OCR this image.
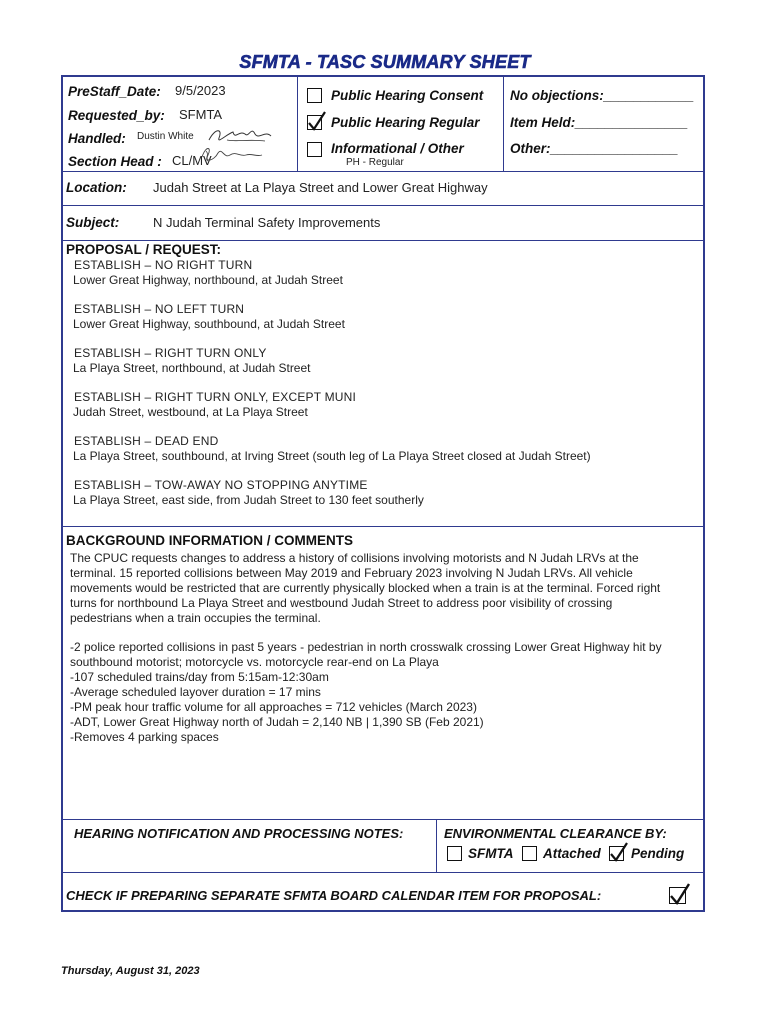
SFMTA - TASC SUMMARY SHEET
PreStaff_Date: 9/5/2023
Requested_by: SFMTA
Handled: Dustin White
Section Head : CL/MV
Public Hearing Consent
Public Hearing Regular
Informational / Other
PH - Regular
No objections:____________
Item Held:_______________
Other:_________________
Location: Judah Street at La Playa Street and Lower Great Highway
Subject:	N Judah Terminal Safety Improvements
PROPOSAL / REQUEST:
ESTABLISH – NO RIGHT TURN
Lower Great Highway, northbound, at Judah Street
ESTABLISH – NO LEFT TURN
Lower Great Highway, southbound, at Judah Street
ESTABLISH – RIGHT TURN ONLY
La Playa Street, northbound, at Judah Street
ESTABLISH – RIGHT TURN ONLY, EXCEPT MUNI
Judah Street, westbound, at La Playa Street
ESTABLISH – DEAD END
La Playa Street, southbound, at Irving Street (south leg of La Playa Street closed at Judah Street)
ESTABLISH – TOW-AWAY NO STOPPING ANYTIME
La Playa Street, east side, from Judah Street to 130 feet southerly
BACKGROUND INFORMATION / COMMENTS
The CPUC requests changes to address a history of collisions involving motorists and N Judah LRVs at the
terminal. 15 reported collisions between May 2019 and February 2023 involving N Judah LRVs. All vehicle
movements would be restricted that are currently physically blocked when a train is at the terminal. Forced right
turns for northbound La Playa Street and westbound Judah Street to address poor visibility of crossing
pedestrians when a train occupies the terminal.
-2 police reported collisions in past 5 years - pedestrian in north crosswalk crossing Lower Great Highway hit by
southbound motorist; motorcycle vs. motorcycle rear-end on La Playa
-107 scheduled trains/day from 5:15am-12:30am
-Average scheduled layover duration = 17 mins
-PM peak hour traffic volume for all approaches = 712 vehicles (March 2023)
-ADT, Lower Great Highway north of Judah = 2,140 NB | 1,390 SB (Feb 2021)
-Removes 4 parking spaces
HEARING NOTIFICATION AND PROCESSING NOTES:	ENVIRONMENTAL CLEARANCE BY:
SFMTA Attached Pending
CHECK IF PREPARING SEPARATE SFMTA BOARD CALENDAR ITEM FOR PROPOSAL:
Thursday, August 31, 2023
